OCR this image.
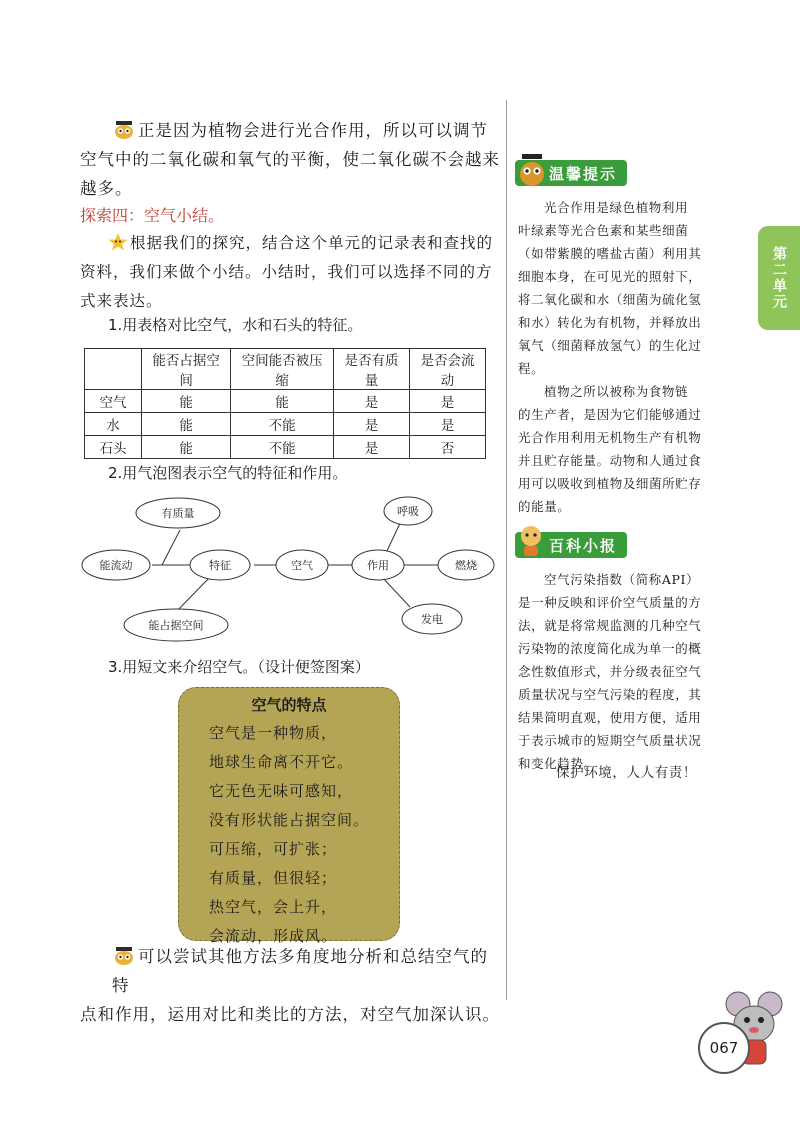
第二单元
正是因为植物会进行光合作用，所以可以调节
空气中的二氧化碳和氧气的平衡，使二氧化碳不会越来
越多。
探索四：空气小结。
根据我们的探究，结合这个单元的记录表和查找的
资料，我们来做个小结。小结时，我们可以选择不同的方
式来表达。
1.用表格对比空气，水和石头的特征。
	能否占据空间	空间能否被压缩	是否有质量	是否会流动
空气	能	能	是	是
水	能	不能	是	是
石头	能	不能	是	否
2.用气泡图表示空气的特征和作用。
有质量
能流动	特征	空气
能占据空间
作用
呼吸
燃烧
发电
3.用短文来介绍空气。（设计便签图案）
空气的特点
空气是一种物质，
地球生命离不开它。
它无色无味可感知，
没有形状能占据空间。
可压缩，可扩张；
有质量，但很轻；
热空气，会上升，
会流动，形成风。
可以尝试其他方法多角度地分析和总结空气的特
点和作用，运用对比和类比的方法，对空气加深认识。
温馨提示
光合作用是绿色植物利用
叶绿素等光合色素和某些细菌
（如带紫膜的嗜盐古菌）利用其
细胞本身，在可见光的照射下，
将二氧化碳和水（细菌为硫化氢
和水）转化为有机物，并释放出
氧气（细菌释放氢气）的生化过
程。
植物之所以被称为食物链
的生产者，是因为它们能够通过
光合作用利用无机物生产有机物
并且贮存能量。动物和人通过食
用可以吸收到植物及细菌所贮存
的能量。
百科小报
空气污染指数（简称API）
是一种反映和评价空气质量的方
法，就是将常规监测的几种空气
污染物的浓度简化成为单一的概
念性数值形式，并分级表征空气
质量状况与空气污染的程度，其
结果简明直观，使用方便，适用
于表示城市的短期空气质量状况
和变化趋势。
保护环境，人人有责！
067
